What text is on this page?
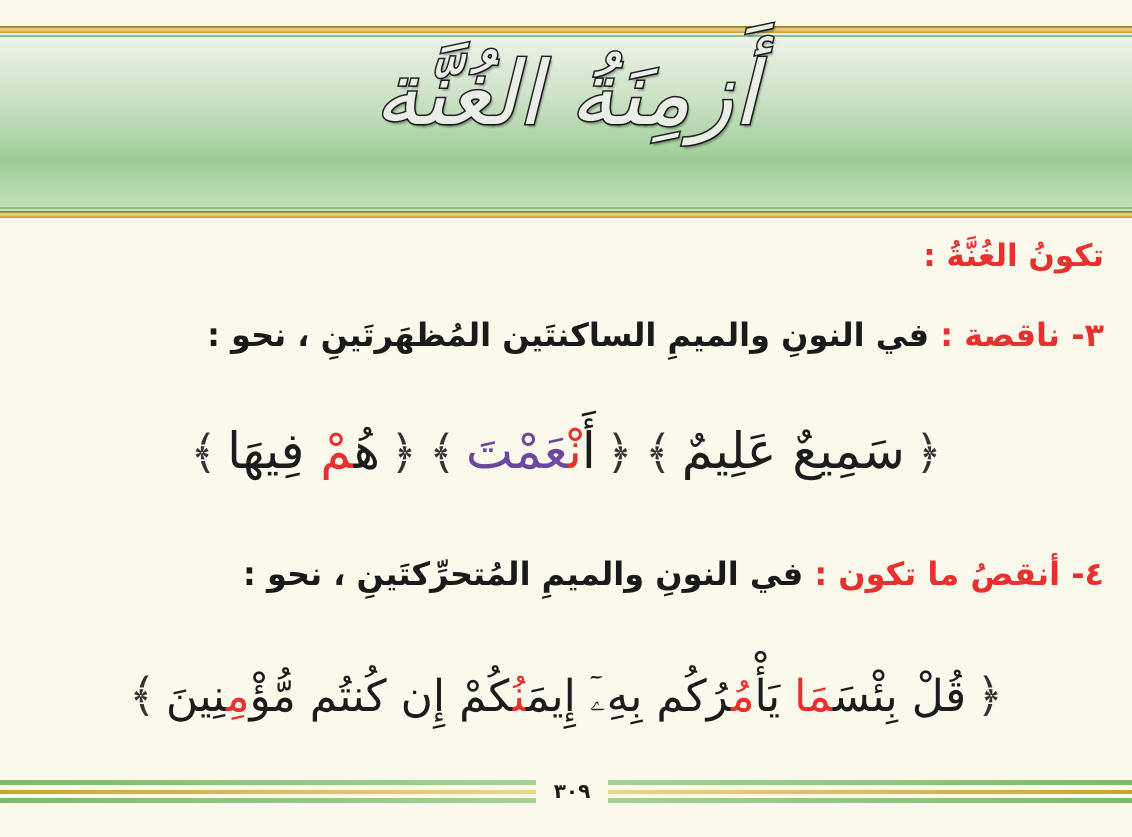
أَزمِنَةُ الغُنَّة
تكونُ الغُنَّةُ :
٣- ناقصة : في النونِ والميمِ الساكنتَين المُظهَرتَينِ ، نحو :
﴿سَمِيعٌ عَلِيمٌ﴾﴿أَنْعَمْتَ﴾﴿هُمْ فِيهَا﴾
٤- أنقصُ ما تكون : في النونِ والميمِ المُتحرِّكتَينِ ، نحو :
﴿قُلْ بِئْسَمَا يَأْمُرُكُم بِهِۦٓ إِيمَنُكُمْ إِن كُنتُم مُّؤْمِنِينَ﴾
٣٠٩
